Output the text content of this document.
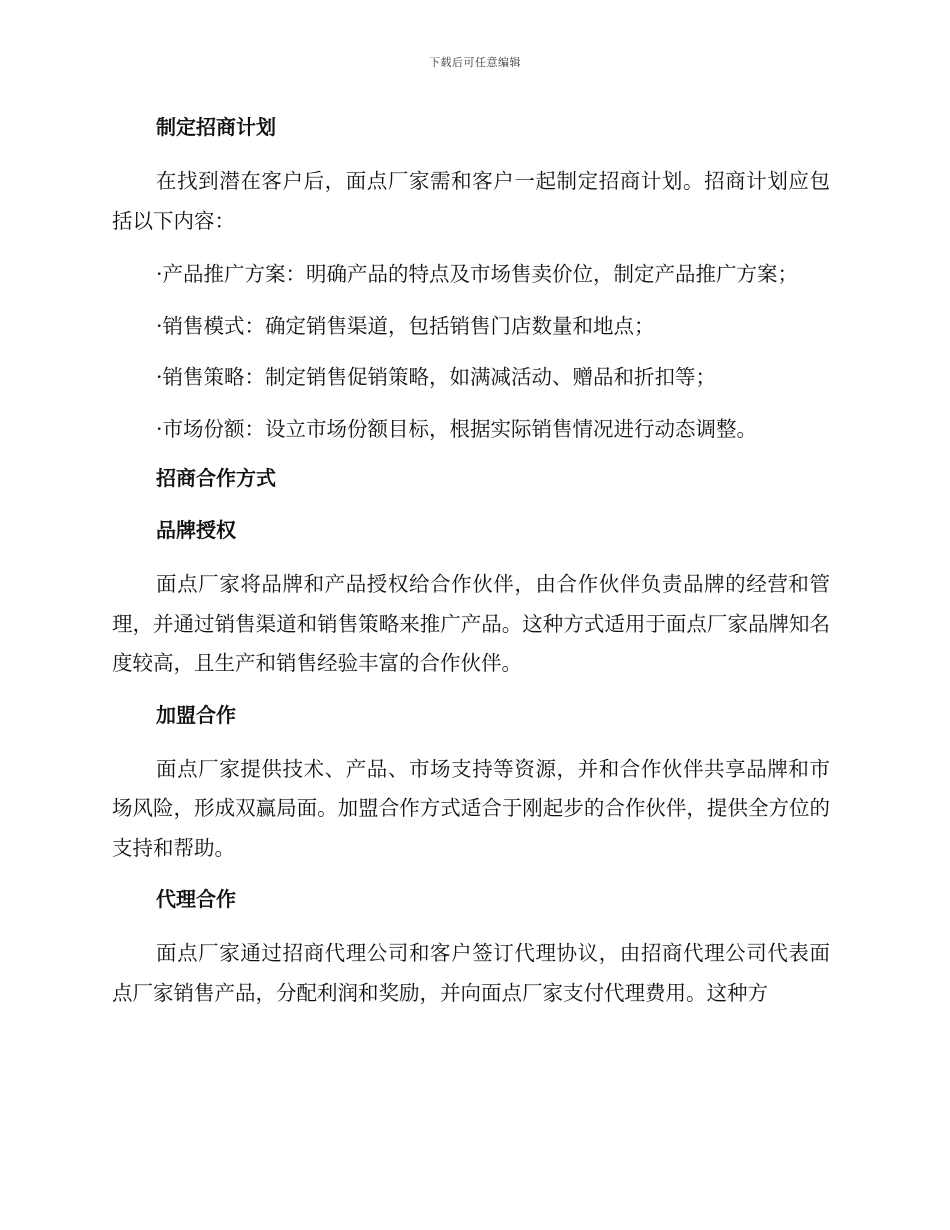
下载后可任意编辑
制定招商计划

在找到潜在客户后，面点厂家需和客户一起制定招商计划。招商计划应包括以下内容：

·产品推广方案：明确产品的特点及市场售卖价位，制定产品推广方案；

·销售模式：确定销售渠道，包括销售门店数量和地点；

·销售策略：制定销售促销策略，如满减活动、赠品和折扣等；

·市场份额：设立市场份额目标，根据实际销售情况进行动态调整。

招商合作方式
品牌授权

面点厂家将品牌和产品授权给合作伙伴，由合作伙伴负责品牌的经营和管理，并通过销售渠道和销售策略来推广产品。这种方式适用于面点厂家品牌知名度较高，且生产和销售经验丰富的合作伙伴。

加盟合作

面点厂家提供技术、产品、市场支持等资源，并和合作伙伴共享品牌和市场风险，形成双赢局面。加盟合作方式适合于刚起步的合作伙伴，提供全方位的支持和帮助。

代理合作

面点厂家通过招商代理公司和客户签订代理协议，由招商代理公司代表面点厂家销售产品，分配利润和奖励，并向面点厂家支付代理费用。这种方
